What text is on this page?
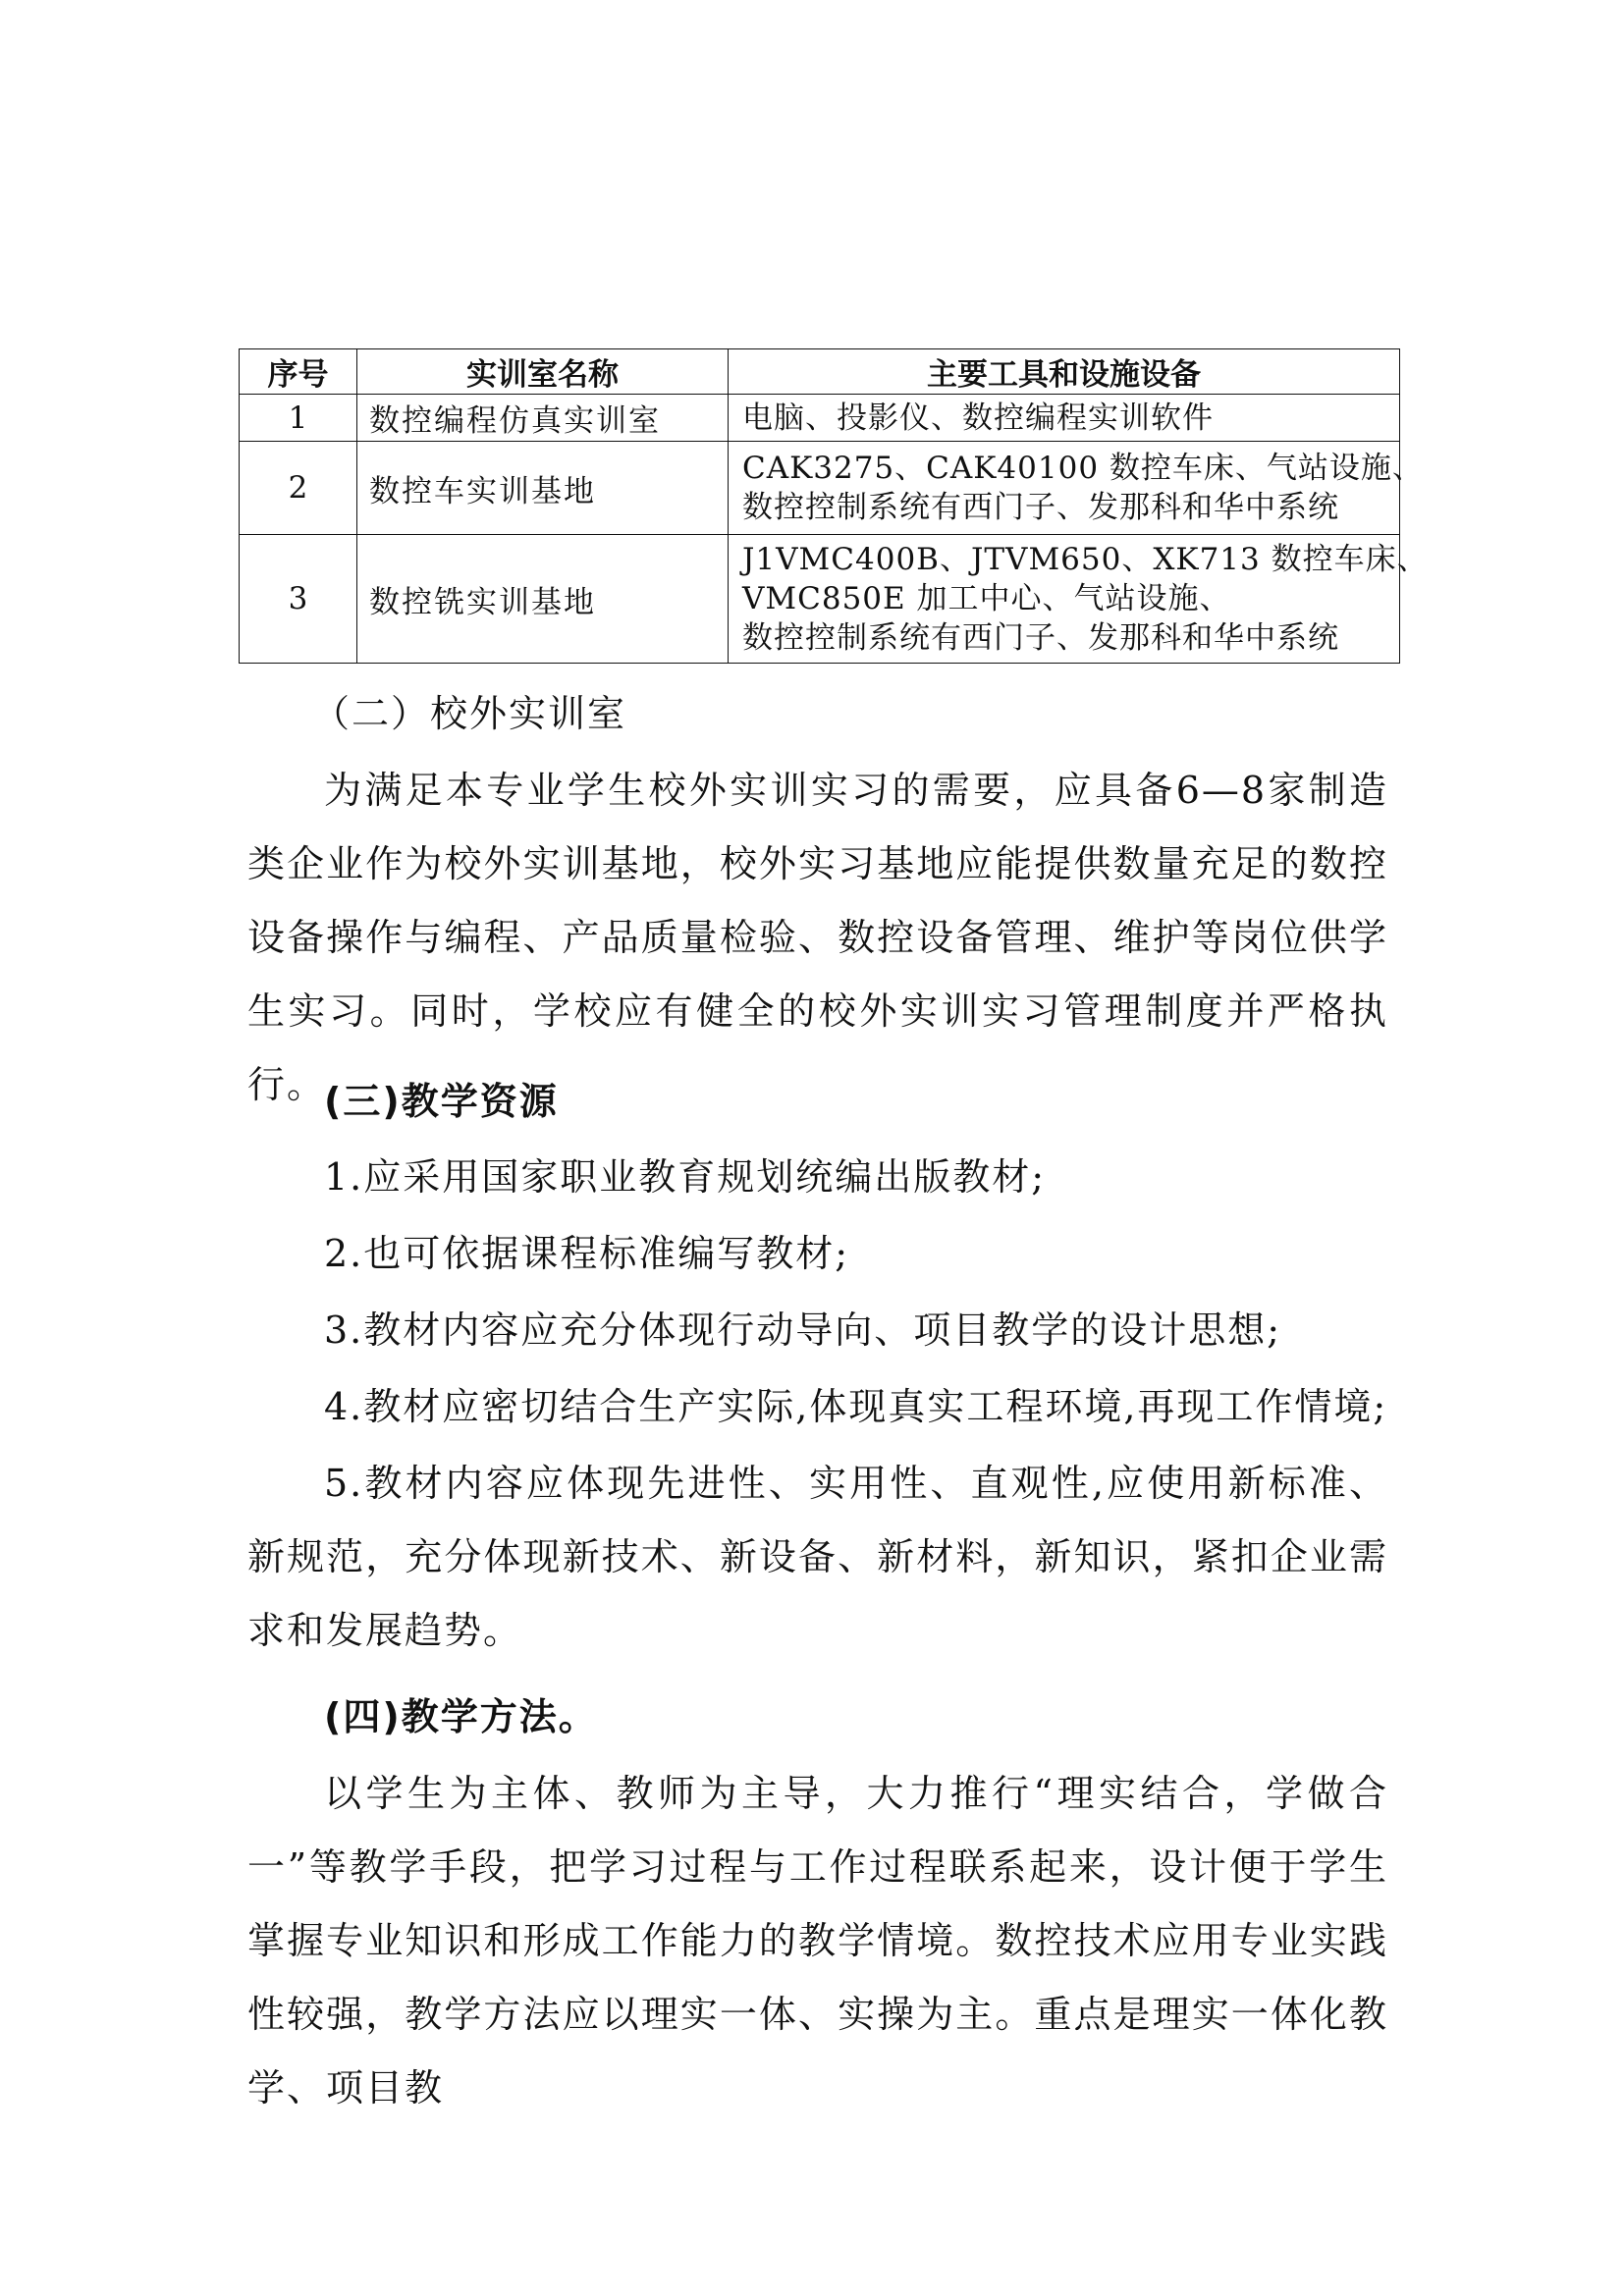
序号	实训室名称	主要工具和设施设备
1	数控编程仿真实训室	电脑、投影仪、数控编程实训软件

2	数控车实训基地	CAK3275、CAK40100 数控车床、气站设施、
数控控制系统有西门子、发那科和华中系统

3	数控铣实训基地	J1VMC400B、JTVM650、XK713 数控车床、
VMC850E 加工中心、气站设施、
数控控制系统有西门子、发那科和华中系统
（二）校外实训室
为满足本专业学生校外实训实习的需要，应具备6—8家制造类企业作为校外实训基地，校外实习基地应能提供数量充足的数控设备操作与编程、产品质量检验、数控设备管理、维护等岗位供学生实习。同时，学校应有健全的校外实训实习管理制度并严格执行。
(三)教学资源
1.应采用国家职业教育规划统编出版教材;
2.也可依据课程标准编写教材;
3.教材内容应充分体现行动导向、项目教学的设计思想;
4.教材应密切结合生产实际,体现真实工程环境,再现工作情境;
5.教材内容应体现先进性、实用性、直观性,应使用新标准、新规范，充分体现新技术、新设备、新材料，新知识，紧扣企业需求和发展趋势。
(四)教学方法。
以学生为主体、教师为主导，大力推行“理实结合，学做合一”等教学手段，把学习过程与工作过程联系起来，设计便于学生掌握专业知识和形成工作能力的教学情境。数控技术应用专业实践性较强，教学方法应以理实一体、实操为主。重点是理实一体化教学、项目教
